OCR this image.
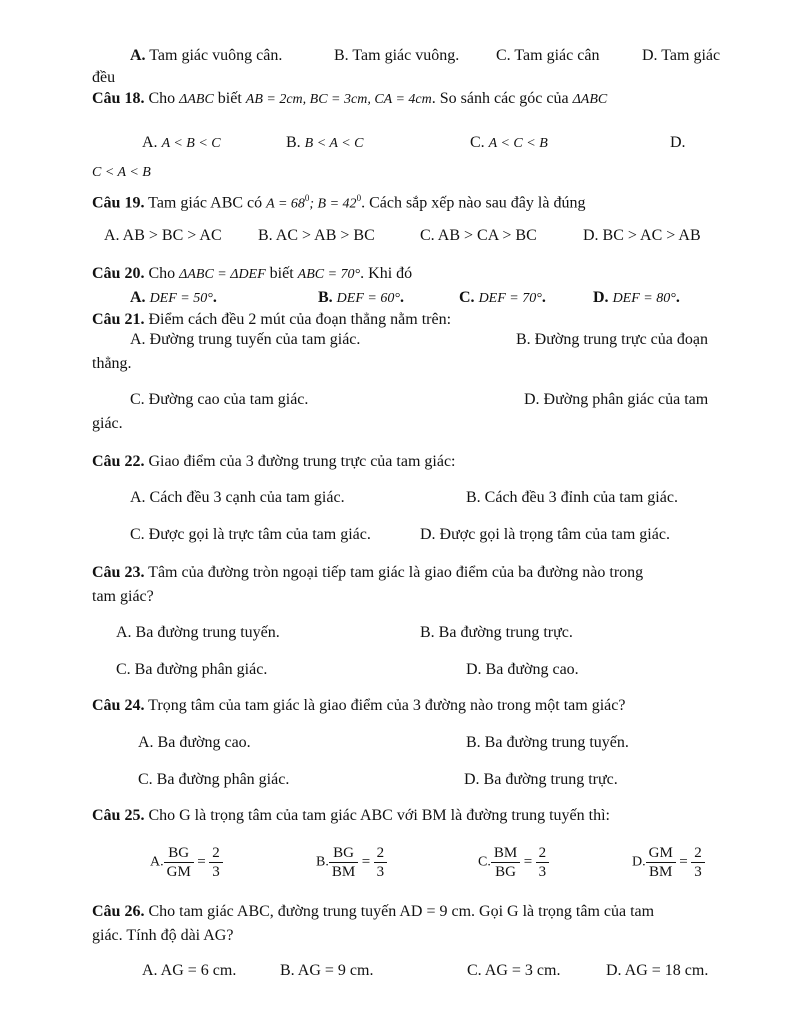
A. Tam giác vuông cân.	B. Tam giác vuông. C. Tam giác cân	D. Tam giác
đều
Câu 18. Cho ΔABC biết AB = 2cm, BC = 3cm, CA = 4cm. So sánh các góc của ΔABC
A. A < B < C	B. B < A < C	C. A < C < B	D.
C < A < B
Câu 19. Tam giác ABC có $A = 68^0$; $B = 42^0$. Cách sắp xếp nào sau đây là đúng
A. AB > BC > AC B. AC > AB > BC	C. AB > CA > BC	D. BC > AC > AB
Câu 20. Cho ΔABC = ΔDEF biết ABC = 70°. Khi đó
A. DEF = 50°.	B. DEF = 60°.	C. DEF = 70°.	D. DEF = 80°.
Câu 21. Điểm cách đều 2 mút của đoạn thẳng nằm trên:
A. Đường trung tuyến của tam giác.	B. Đường trung trực của đoạn
thẳng.
C. Đường cao của tam giác.	D. Đường phân giác của tam
giác.
Câu 22. Giao điểm của 3 đường trung trực của tam giác:
A. Cách đều 3 cạnh của tam giác.	B. Cách đều 3 đỉnh của tam giác.
C. Được gọi là trực tâm của tam giác.	D. Được gọi là trọng tâm của tam giác.
Câu 23. Tâm của đường tròn ngoại tiếp tam giác là giao điểm của ba đường nào trong
tam giác?
A. Ba đường trung tuyến.	B. Ba đường trung trực.
C. Ba đường phân giác.	D. Ba đường cao.
Câu 24. Trọng tâm của tam giác là giao điểm của 3 đường nào trong một tam giác?
A. Ba đường cao.	B. Ba đường trung tuyến.
C. Ba đường phân giác.	D. Ba đường trung trực.
Câu 25. Cho G là trọng tâm của tam giác ABC với BM là đường trung tuyến thì:
A. $\frac{BG}{GM} = \frac{2}{3}$	B. $\frac{BG}{BM} = \frac{2}{3}$	C. $\frac{BM}{BG} = \frac{2}{3}$	D. $\frac{GM}{BM} = \frac{2}{3}$
Câu 26. Cho tam giác ABC, đường trung tuyến AD = 9 cm. Gọi G là trọng tâm của tam
giác. Tính độ dài AG?
A. AG = 6 cm.	B. AG = 9 cm.	C. AG = 3 cm.	D. AG = 18 cm.
